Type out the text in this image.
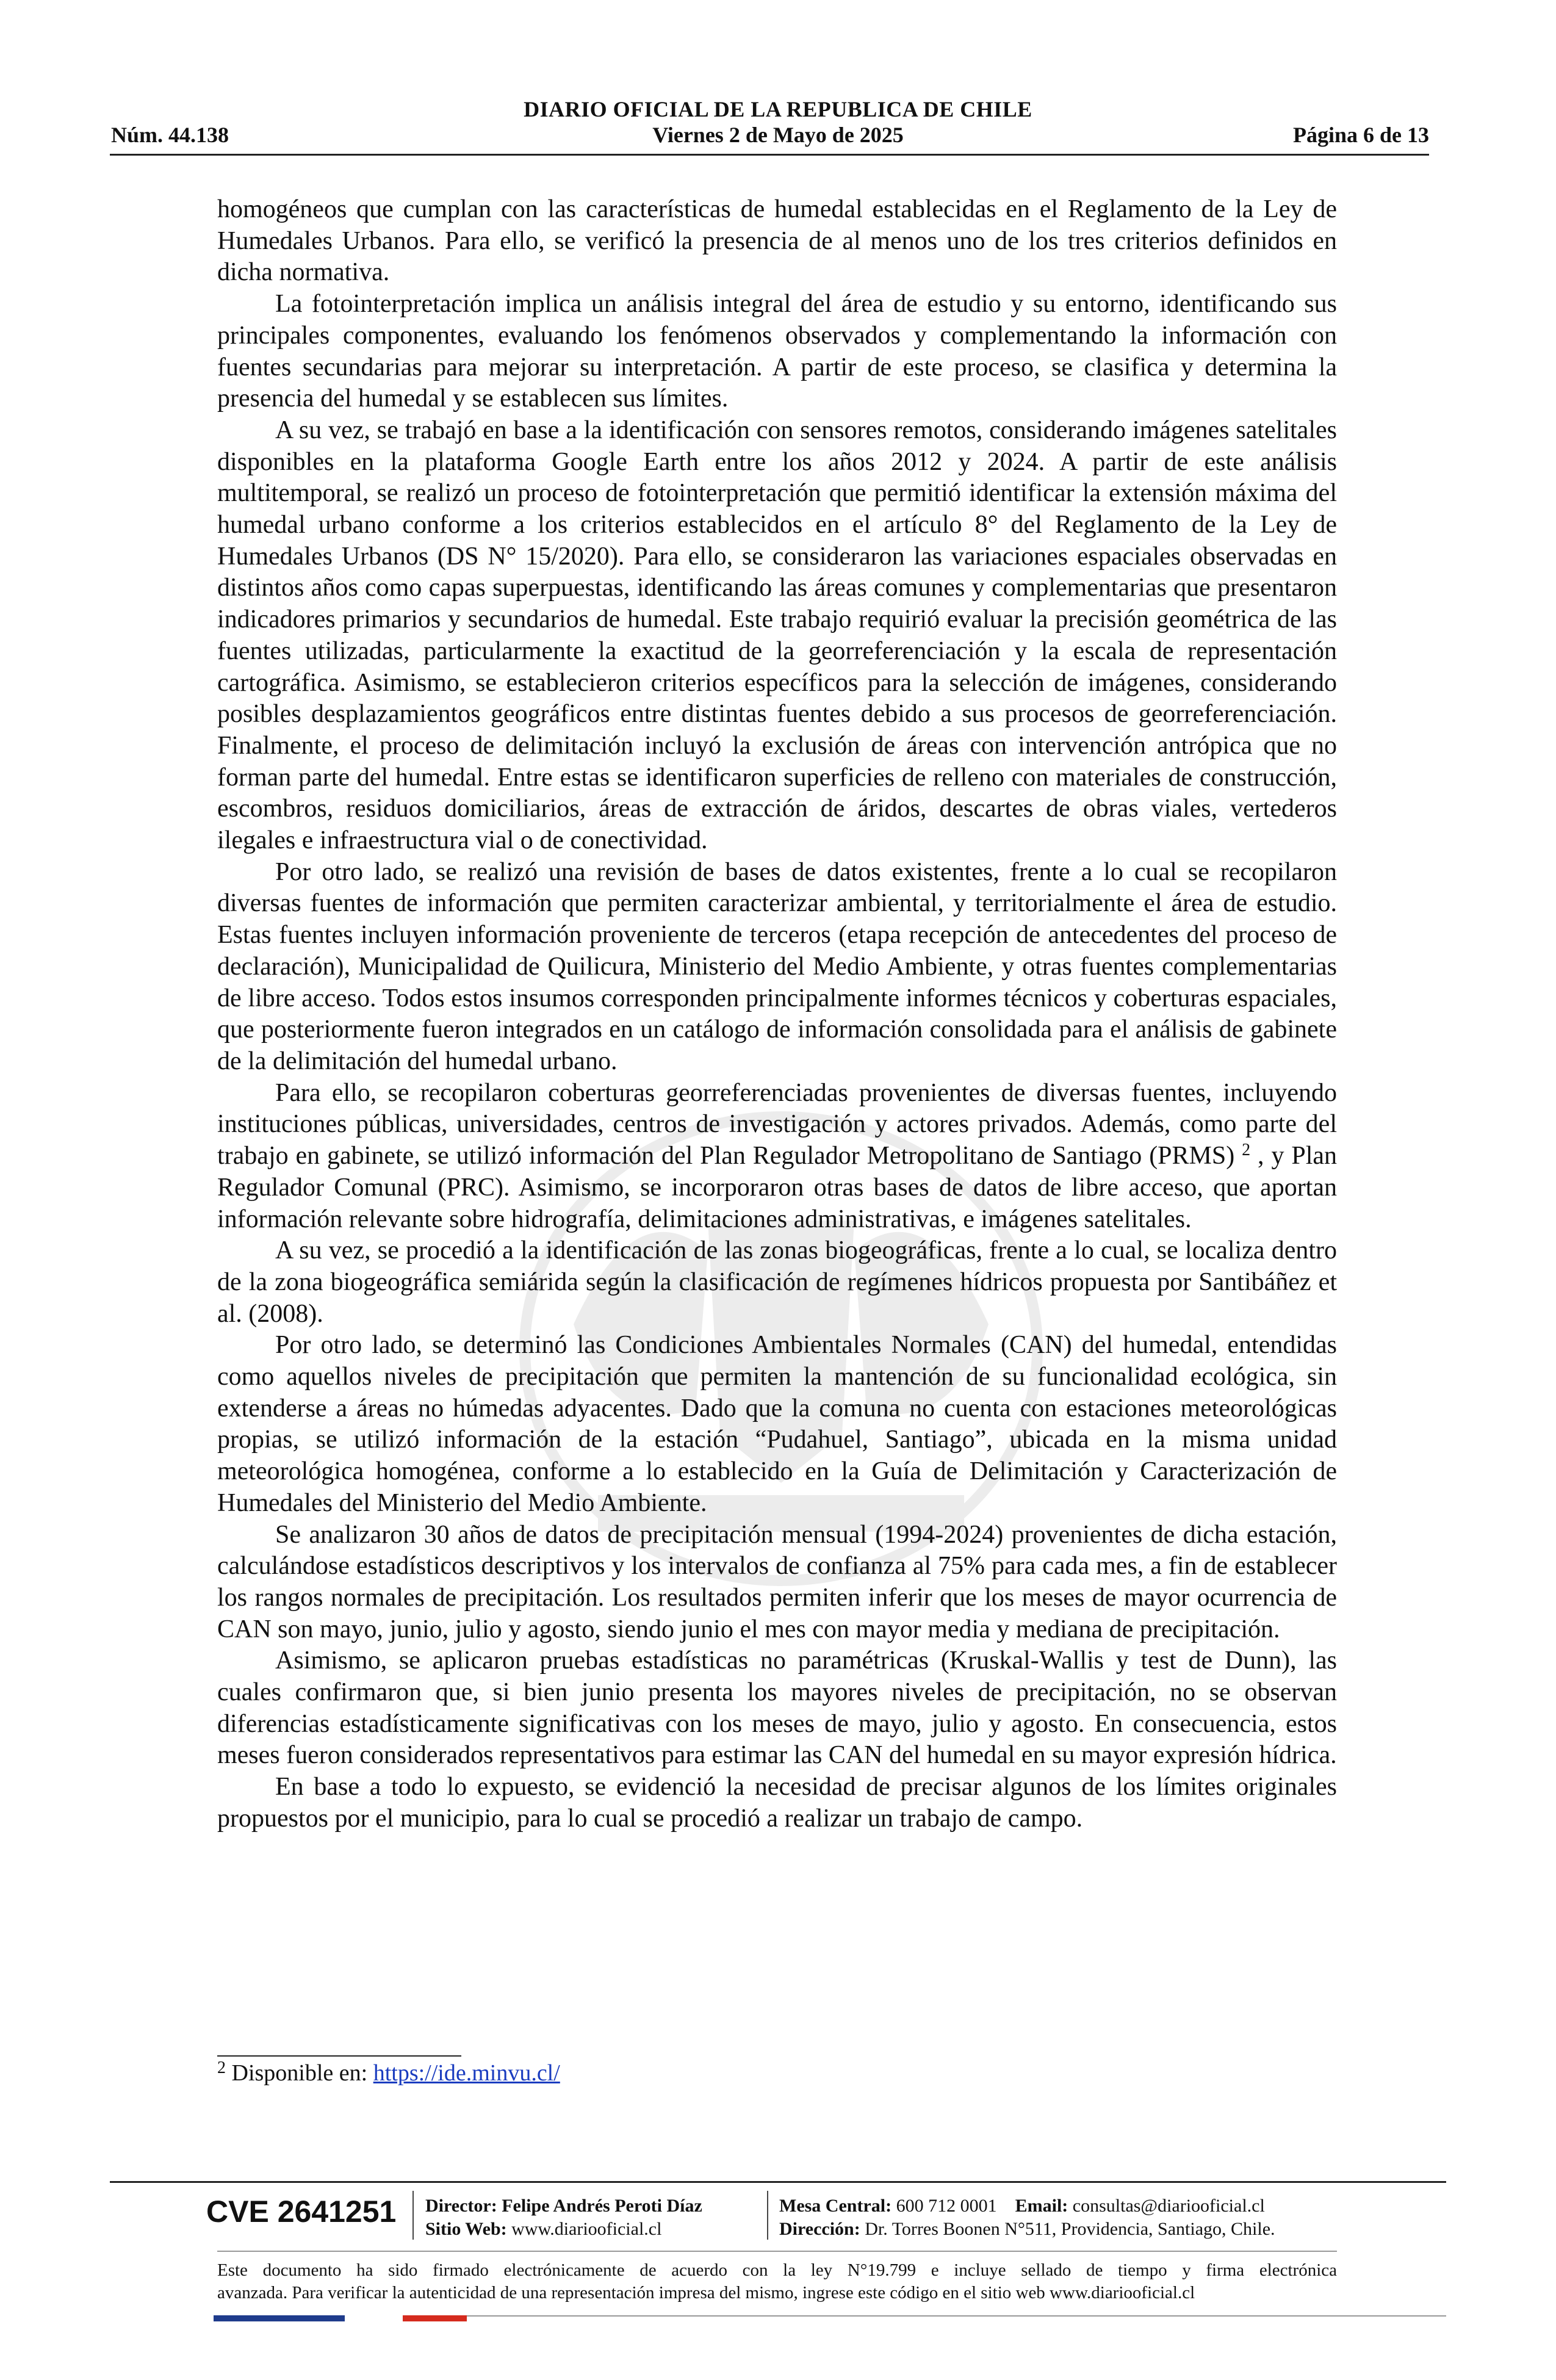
DIARIO OFICIAL DE LA REPUBLICA DE CHILE
Núm. 44.138	Viernes 2 de Mayo de 2025	Página 6 de 13

homogéneos que cumplan con las características de humedal establecidas en el Reglamento de la Ley de Humedales Urbanos. Para ello, se verificó la presencia de al menos uno de los tres criterios definidos en dicha normativa.

La fotointerpretación implica un análisis integral del área de estudio y su entorno, identificando sus principales componentes, evaluando los fenómenos observados y complementando la información con fuentes secundarias para mejorar su interpretación. A partir de este proceso, se clasifica y determina la presencia del humedal y se establecen sus límites.

A su vez, se trabajó en base a la identificación con sensores remotos, considerando imágenes satelitales disponibles en la plataforma Google Earth entre los años 2012 y 2024. A partir de este análisis multitemporal, se realizó un proceso de fotointerpretación que permitió identificar la extensión máxima del humedal urbano conforme a los criterios establecidos en el artículo 8° del Reglamento de la Ley de Humedales Urbanos (DS N° 15/2020). Para ello, se consideraron las variaciones espaciales observadas en distintos años como capas superpuestas, identificando las áreas comunes y complementarias que presentaron indicadores primarios y secundarios de humedal. Este trabajo requirió evaluar la precisión geométrica de las fuentes utilizadas, particularmente la exactitud de la georreferenciación y la escala de representación cartográfica. Asimismo, se establecieron criterios específicos para la selección de imágenes, considerando posibles desplazamientos geográficos entre distintas fuentes debido a sus procesos de georreferenciación. Finalmente, el proceso de delimitación incluyó la exclusión de áreas con intervención antrópica que no forman parte del humedal. Entre estas se identificaron superficies de relleno con materiales de construcción, escombros, residuos domiciliarios, áreas de extracción de áridos, descartes de obras viales, vertederos ilegales e infraestructura vial o de conectividad.

Por otro lado, se realizó una revisión de bases de datos existentes, frente a lo cual se recopilaron diversas fuentes de información que permiten caracterizar ambiental, y territorialmente el área de estudio. Estas fuentes incluyen información proveniente de terceros (etapa recepción de antecedentes del proceso de declaración), Municipalidad de Quilicura, Ministerio del Medio Ambiente, y otras fuentes complementarias de libre acceso. Todos estos insumos corresponden principalmente informes técnicos y coberturas espaciales, que posteriormente fueron integrados en un catálogo de información consolidada para el análisis de gabinete de la delimitación del humedal urbano.

Para ello, se recopilaron coberturas georreferenciadas provenientes de diversas fuentes, incluyendo instituciones públicas, universidades, centros de investigación y actores privados. Además, como parte del trabajo en gabinete, se utilizó información del Plan Regulador Metropolitano de Santiago (PRMS) $^2$ , y Plan Regulador Comunal (PRC). Asimismo, se incorporaron otras bases de datos de libre acceso, que aportan información relevante sobre hidrografía, delimitaciones administrativas, e imágenes satelitales.

A su vez, se procedió a la identificación de las zonas biogeográficas, frente a lo cual, se localiza dentro de la zona biogeográfica semiárida según la clasificación de regímenes hídricos propuesta por Santibáñez et al. (2008).

Por otro lado, se determinó las Condiciones Ambientales Normales (CAN) del humedal, entendidas como aquellos niveles de precipitación que permiten la mantención de su funcionalidad ecológica, sin extenderse a áreas no húmedas adyacentes. Dado que la comuna no cuenta con estaciones meteorológicas propias, se utilizó información de la estación “Pudahuel, Santiago”, ubicada en la misma unidad meteorológica homogénea, conforme a lo establecido en la Guía de Delimitación y Caracterización de Humedales del Ministerio del Medio Ambiente.

Se analizaron 30 años de datos de precipitación mensual (1994-2024) provenientes de dicha estación, calculándose estadísticos descriptivos y los intervalos de confianza al 75% para cada mes, a fin de establecer los rangos normales de precipitación. Los resultados permiten inferir que los meses de mayor ocurrencia de CAN son mayo, junio, julio y agosto, siendo junio el mes con mayor media y mediana de precipitación.

Asimismo, se aplicaron pruebas estadísticas no paramétricas (Kruskal-Wallis y test de Dunn), las cuales confirmaron que, si bien junio presenta los mayores niveles de precipitación, no se observan diferencias estadísticamente significativas con los meses de mayo, julio y agosto. En consecuencia, estos meses fueron considerados representativos para estimar las CAN del humedal en su mayor expresión hídrica.

En base a todo lo expuesto, se evidenció la necesidad de precisar algunos de los límites originales propuestos por el municipio, para lo cual se procedió a realizar un trabajo de campo.

$^2$ Disponible en: https://ide.minvu.cl/
CVE 2641251 Director: Felipe Andrés Peroti Díaz
Sitio Web: www.diariooficial.cl
Mesa Central: 600 712 0001 Email: consultas@diariooficial.cl
Dirección: Dr. Torres Boonen N°511, Providencia, Santiago, Chile.
Este documento ha sido firmado electrónicamente de acuerdo con la ley N°19.799 e incluye sellado de tiempo y firma electrónica
avanzada. Para verificar la autenticidad de una representación impresa del mismo, ingrese este código en el sitio web www.diariooficial.cl
